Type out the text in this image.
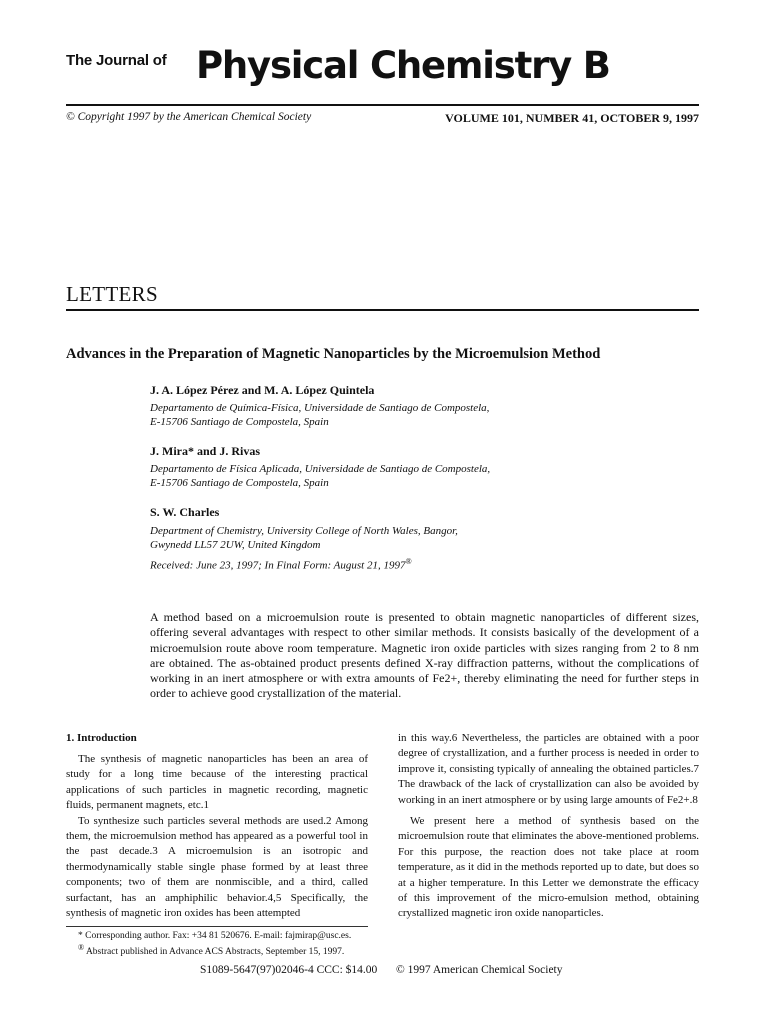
The Journal of Physical Chemistry B
© Copyright 1997 by the American Chemical Society	VOLUME 101, NUMBER 41, OCTOBER 9, 1997
LETTERS
Advances in the Preparation of Magnetic Nanoparticles by the Microemulsion Method
J. A. López Pérez and M. A. López Quintela
Departamento de Química-Física, Universidade de Santiago de Compostela,
E-15706 Santiago de Compostela, Spain
J. Mira* and J. Rivas
Departamento de Física Aplicada, Universidade de Santiago de Compostela,
E-15706 Santiago de Compostela, Spain
S. W. Charles
Department of Chemistry, University College of North Wales, Bangor,
Gwynedd LL57 2UW, United Kingdom
Received: June 23, 1997; In Final Form: August 21, 1997®
A method based on a microemulsion route is presented to obtain magnetic nanoparticles of different sizes, offering several advantages with respect to other similar methods. It consists basically of the development of a microemulsion route above room temperature. Magnetic iron oxide particles with sizes ranging from 2 to 8 nm are obtained. The as-obtained product presents defined X-ray diffraction patterns, without the complications of working in an inert atmosphere or with extra amounts of Fe2+, thereby eliminating the need for further steps in order to achieve good crystallization of the material.
1. Introduction

The synthesis of magnetic nanoparticles has been an area of study for a long time because of the interesting practical applications of such particles in magnetic recording, magnetic fluids, permanent magnets, etc.1

To synthesize such particles several methods are used.2 Among them, the microemulsion method has appeared as a powerful tool in the past decade.3 A microemulsion is an isotropic and thermodynamically stable single phase formed by at least three components; two of them are nonmiscible, and a third, called surfactant, has an amphiphilic behavior.4,5 Specifically, the synthesis of magnetic iron oxides has been attempted

in this way.6 Nevertheless, the particles are obtained with a poor degree of crystallization, and a further process is needed in order to improve it, consisting typically of annealing the obtained particles.7 The drawback of the lack of crystallization can also be avoided by working in an inert atmosphere or by using large amounts of Fe2+.8

We present here a method of synthesis based on the microemulsion route that eliminates the above-mentioned problems. For this purpose, the reaction does not take place at room temperature, as it did in the methods reported up to date, but does so at a higher temperature. In this Letter we demonstrate the efficacy of this improvement of the micro-emulsion method, obtaining crystallized magnetic iron oxide nanoparticles.

* Corresponding author. Fax: +34 81 520676. E-mail: fajmirap@usc.es.
® Abstract published in Advance ACS Abstracts, September 15, 1997.
S1089-5647(97)02046-4 CCC: $14.00 © 1997 American Chemical Society
